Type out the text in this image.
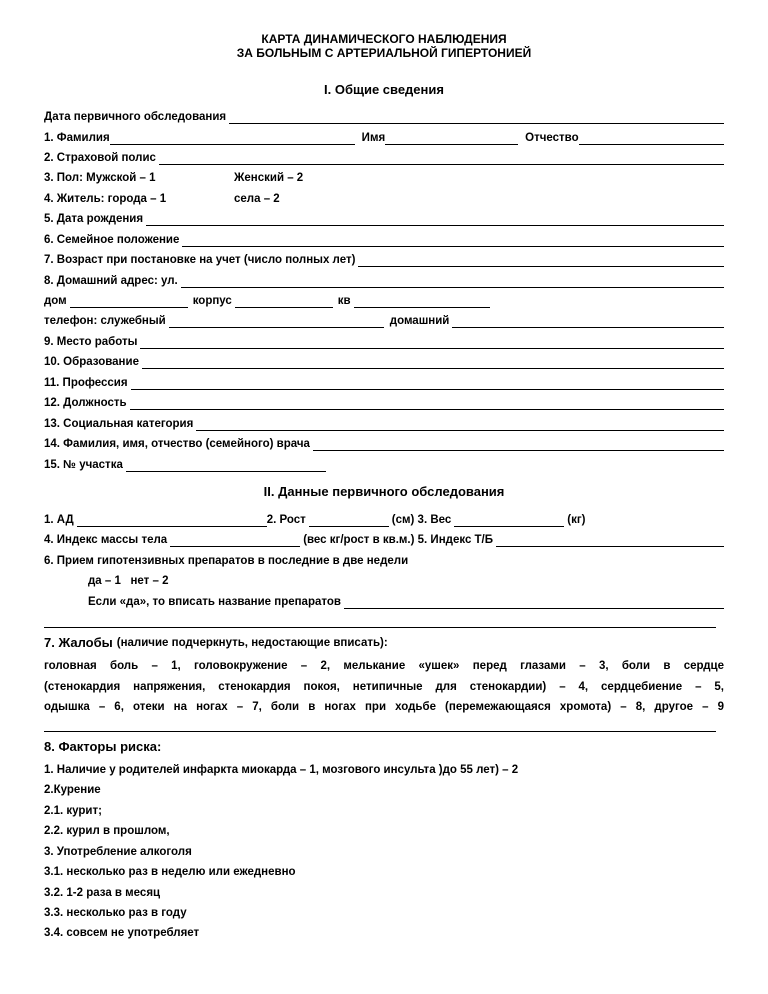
КАРТА ДИНАМИЧЕСКОГО НАБЛЮДЕНИЯ
ЗА БОЛЬНЫМ С АРТЕРИАЛЬНОЙ ГИПЕРТОНИЕЙ
I. Общие сведения
Дата первичного обследования
1. Фамилия	Имя	Отчество
2. Страховой полис
3. Пол: Мужской – 1	Женский – 2
4. Житель: города – 1	села – 2
5. Дата рождения
6. Семейное положение
7. Возраст при постановке на учет (число полных лет)
8. Домашний адрес: ул.
дом	корпус	кв
телефон: служебный	домашний
9. Место работы
10. Образование
11. Профессия
12. Должность
13. Социальная категория
14. Фамилия, имя, отчество (семейного) врача
15. № участка
II. Данные первичного обследования
1. АД	2. Рост	(см) 3. Вес	(кг)
4. Индекс массы тела	(вес кг/рост в кв.м.) 5. Индекс Т/Б
6. Прием гипотензивных препаратов в последние в две недели
да – 1   нет – 2
Если «да», то вписать название препаратов
7. Жалобы (наличие подчеркнуть, недостающие вписать):
головная боль – 1, головокружение – 2, мелькание «ушек» перед глазами – 3, боли в сердце
(стенокардия напряжения, стенокардия покоя, нетипичные для стенокардии) – 4, сердцебиение – 5,
одышка – 6, отеки на ногах – 7, боли в ногах при ходьбе (перемежающаяся хромота) – 8, другое – 9
8. Факторы риска:
1. Наличие у родителей инфаркта миокарда – 1, мозгового инсульта )до 55 лет) – 2
2.Курение
2.1. курит;
2.2. курил в прошлом,
3. Употребление алкоголя
3.1. несколько раз в неделю или ежедневно
3.2. 1-2 раза в месяц
3.3. несколько раз в году
3.4. совсем не употребляет
